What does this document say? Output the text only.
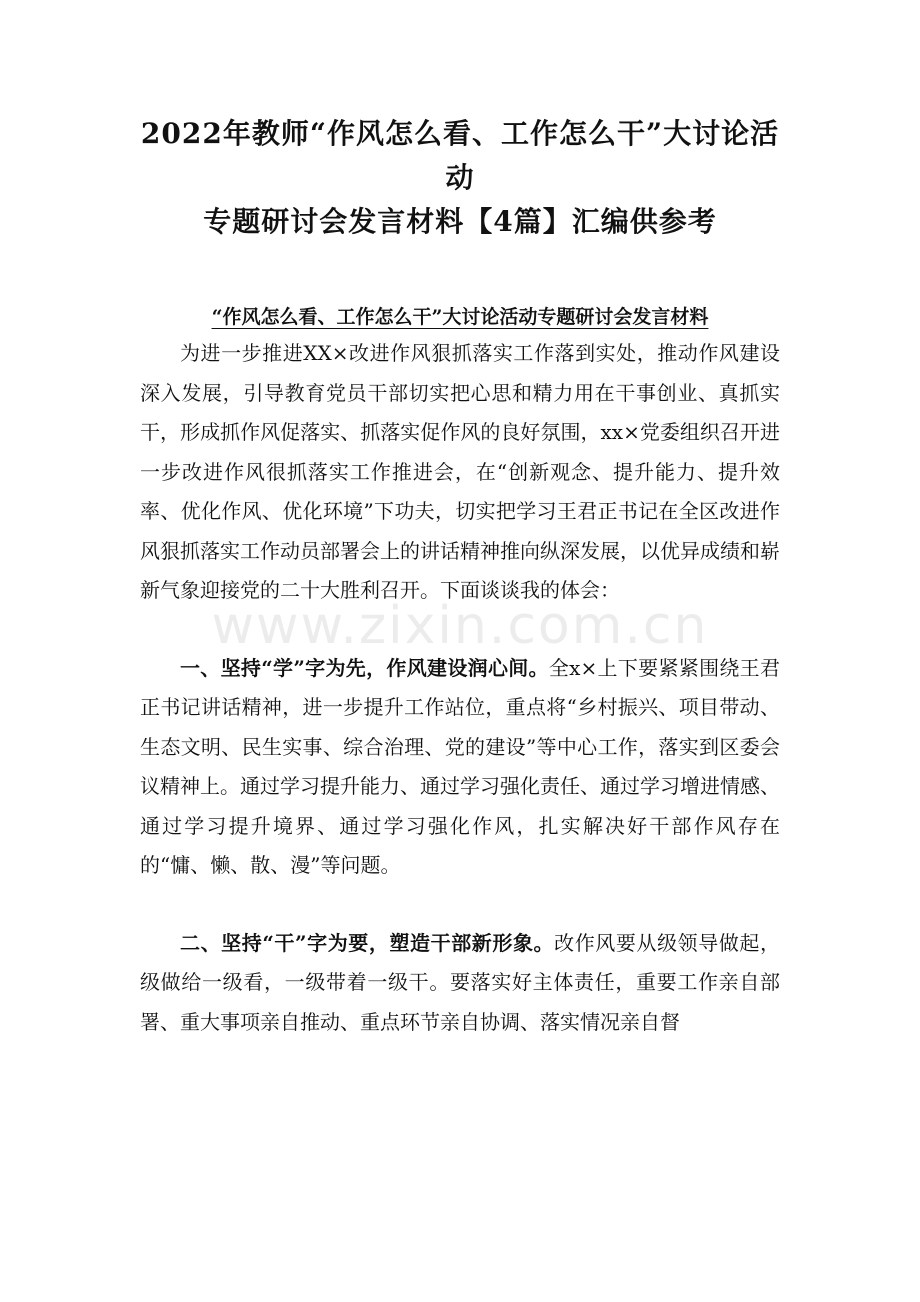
2022年教师“作风怎么看、工作怎么干”大讨论活动
专题研讨会发言材料【4篇】汇编供参考
“作风怎么看、工作怎么干”大讨论活动专题研讨会发言材料

为进一步推进XX×改进作风狠抓落实工作落到实处，推动作风建设深入发展，引导教育党员干部切实把心思和精力用在干事创业、真抓实干，形成抓作风促落实、抓落实促作风的良好氛围，xx×党委组织召开进一步改进作风很抓落实工作推进会，在“创新观念、提升能力、提升效率、优化作风、优化环境”下功夫，切实把学习王君正书记在全区改进作风狠抓落实工作动员部署会上的讲话精神推向纵深发展，以优异成绩和崭新气象迎接党的二十大胜利召开。下面谈谈我的体会：

一、坚持“学”字为先，作风建设润心间。全x×上下要紧紧围绕王君正书记讲话精神，进一步提升工作站位，重点将“乡村振兴、项目带动、生态文明、民生实事、综合治理、党的建设”等中心工作，落实到区委会议精神上。通过学习提升能力、通过学习强化责任、通过学习增进情感、通过学习提升境界、通过学习强化作风，扎实解决好干部作风存在的“慵、懒、散、漫”等问题。

二、坚持“干”字为要，塑造干部新形象。改作风要从级领导做起，级做给一级看，一级带着一级干。要落实好主体责任，重要工作亲自部署、重大事项亲自推动、重点环节亲自协调、落实情况亲自督

www.zixin.com.cn
